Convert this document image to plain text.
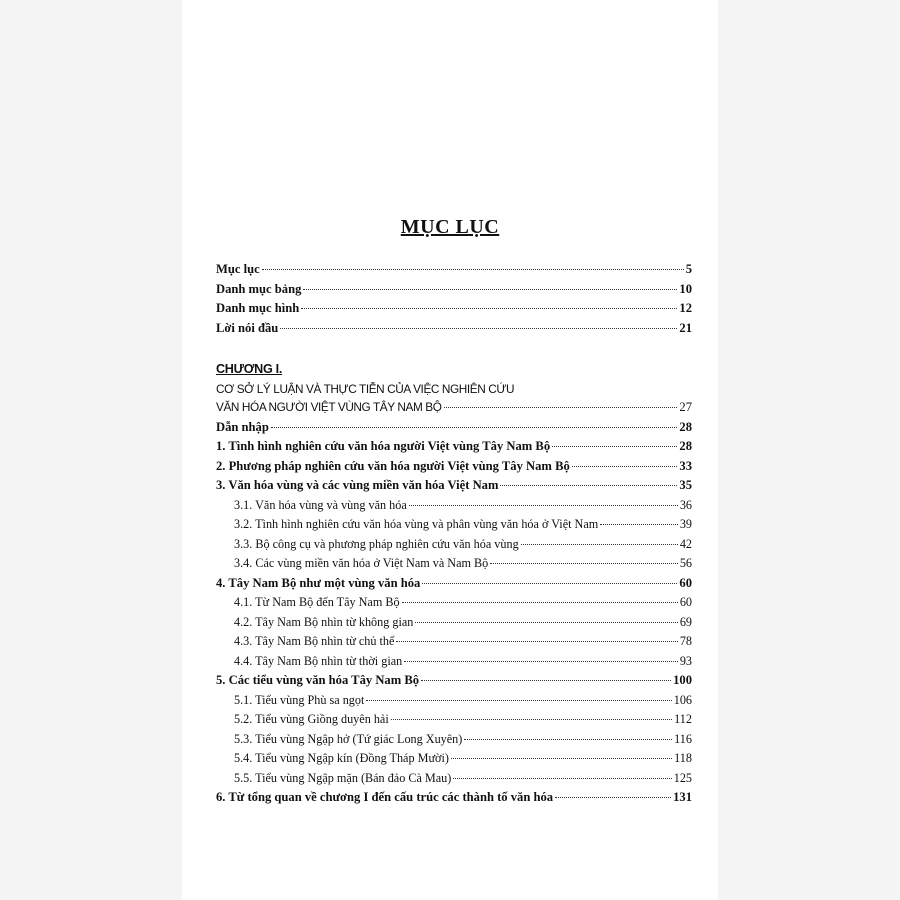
MỤC LỤC
Mục lục	5
Danh mục bảng	10
Danh mục hình	12
Lời nói đầu	21
CHƯƠNG I.
CƠ SỞ LÝ LUẬN VÀ THỰC TIỄN CỦA VIỆC NGHIÊN CỨU
VĂN HÓA NGƯỜI VIỆT VÙNG TÂY NAM BỘ	27
Dẫn nhập	28
1. Tình hình nghiên cứu văn hóa người Việt vùng Tây Nam Bộ	28
2. Phương pháp nghiên cứu văn hóa người Việt vùng Tây Nam Bộ	33
3. Văn hóa vùng và các vùng miền văn hóa Việt Nam	35
3.1. Văn hóa vùng và vùng văn hóa	36
3.2. Tình hình nghiên cứu văn hóa vùng và phân vùng văn hóa ở Việt Nam	39
3.3. Bộ công cụ và phương pháp nghiên cứu văn hóa vùng	42
3.4. Các vùng miền văn hóa ở Việt Nam và Nam Bộ	56
4. Tây Nam Bộ như một vùng văn hóa	60
4.1. Từ Nam Bộ đến Tây Nam Bộ	60
4.2. Tây Nam Bộ nhìn từ không gian	69
4.3. Tây Nam Bộ nhìn từ chủ thể	78
4.4. Tây Nam Bộ nhìn từ thời gian	93
5. Các tiểu vùng văn hóa Tây Nam Bộ	100
5.1. Tiểu vùng Phù sa ngọt	106
5.2. Tiểu vùng Giồng duyên hải	112
5.3. Tiểu vùng Ngập hở (Tứ giác Long Xuyên)	116
5.4. Tiểu vùng Ngập kín (Đồng Tháp Mười)	118
5.5. Tiểu vùng Ngập mặn (Bán đảo Cà Mau)	125
6. Từ tổng quan về chương I đến cấu trúc các thành tố văn hóa	131
